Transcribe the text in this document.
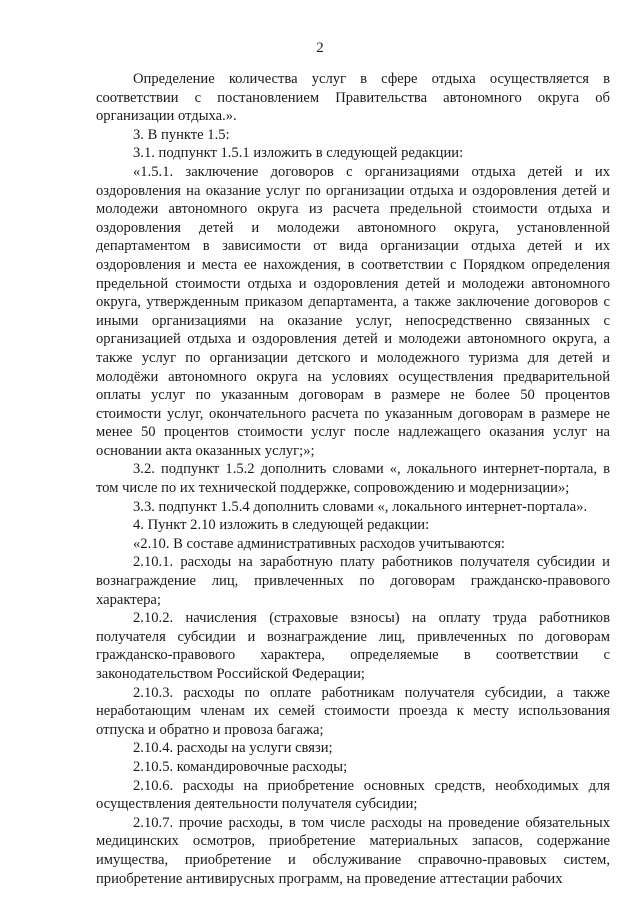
2

Определение количества услуг в сфере отдыха осуществляется в соответствии с постановлением Правительства автономного округа об организации отдыха.».

3. В пункте 1.5:

3.1. подпункт 1.5.1 изложить в следующей редакции:

«1.5.1. заключение договоров с организациями отдыха детей и их оздоровления на оказание услуг по организации отдыха и оздоровления детей и молодежи автономного округа из расчета предельной стоимости отдыха и оздоровления детей и молодежи автономного округа, установленной департаментом в зависимости от вида организации отдыха детей и их оздоровления и места ее нахождения, в соответствии с Порядком определения предельной стоимости отдыха и оздоровления детей и молодежи автономного округа, утвержденным приказом департамента, а также заключение договоров с иными организациями на оказание услуг, непосредственно связанных с организацией отдыха и оздоровления детей и молодежи автономного округа, а также услуг по организации детского и молодежного туризма для детей и молодёжи автономного округа на условиях осуществления предварительной оплаты услуг по указанным договорам в размере не более 50 процентов стоимости услуг, окончательного расчета по указанным договорам в размере не менее 50 процентов стоимости услуг после надлежащего оказания услуг на основании акта оказанных услуг;»;

3.2. подпункт 1.5.2 дополнить словами «, локального интернет-портала, в том числе по их технической поддержке, сопровождению и модернизации»;

3.3. подпункт 1.5.4 дополнить словами «, локального интернет-портала».

4. Пункт 2.10 изложить в следующей редакции:

«2.10. В составе административных расходов учитываются:

2.10.1. расходы на заработную плату работников получателя субсидии и вознаграждение лиц, привлеченных по договорам гражданско-правового характера;

2.10.2. начисления (страховые взносы) на оплату труда работников получателя субсидии и вознаграждение лиц, привлеченных по договорам гражданско-правового характера, определяемые в соответствии с законодательством Российской Федерации;

2.10.3. расходы по оплате работникам получателя субсидии, а также неработающим членам их семей стоимости проезда к месту использования отпуска и обратно и провоза багажа;

2.10.4. расходы на услуги связи;

2.10.5. командировочные расходы;

2.10.6. расходы на приобретение основных средств, необходимых для осуществления деятельности получателя субсидии;

2.10.7. прочие расходы, в том числе расходы на проведение обязательных медицинских осмотров, приобретение материальных запасов, содержание имущества, приобретение и обслуживание справочно-правовых систем, приобретение антивирусных программ, на проведение аттестации рабочих
